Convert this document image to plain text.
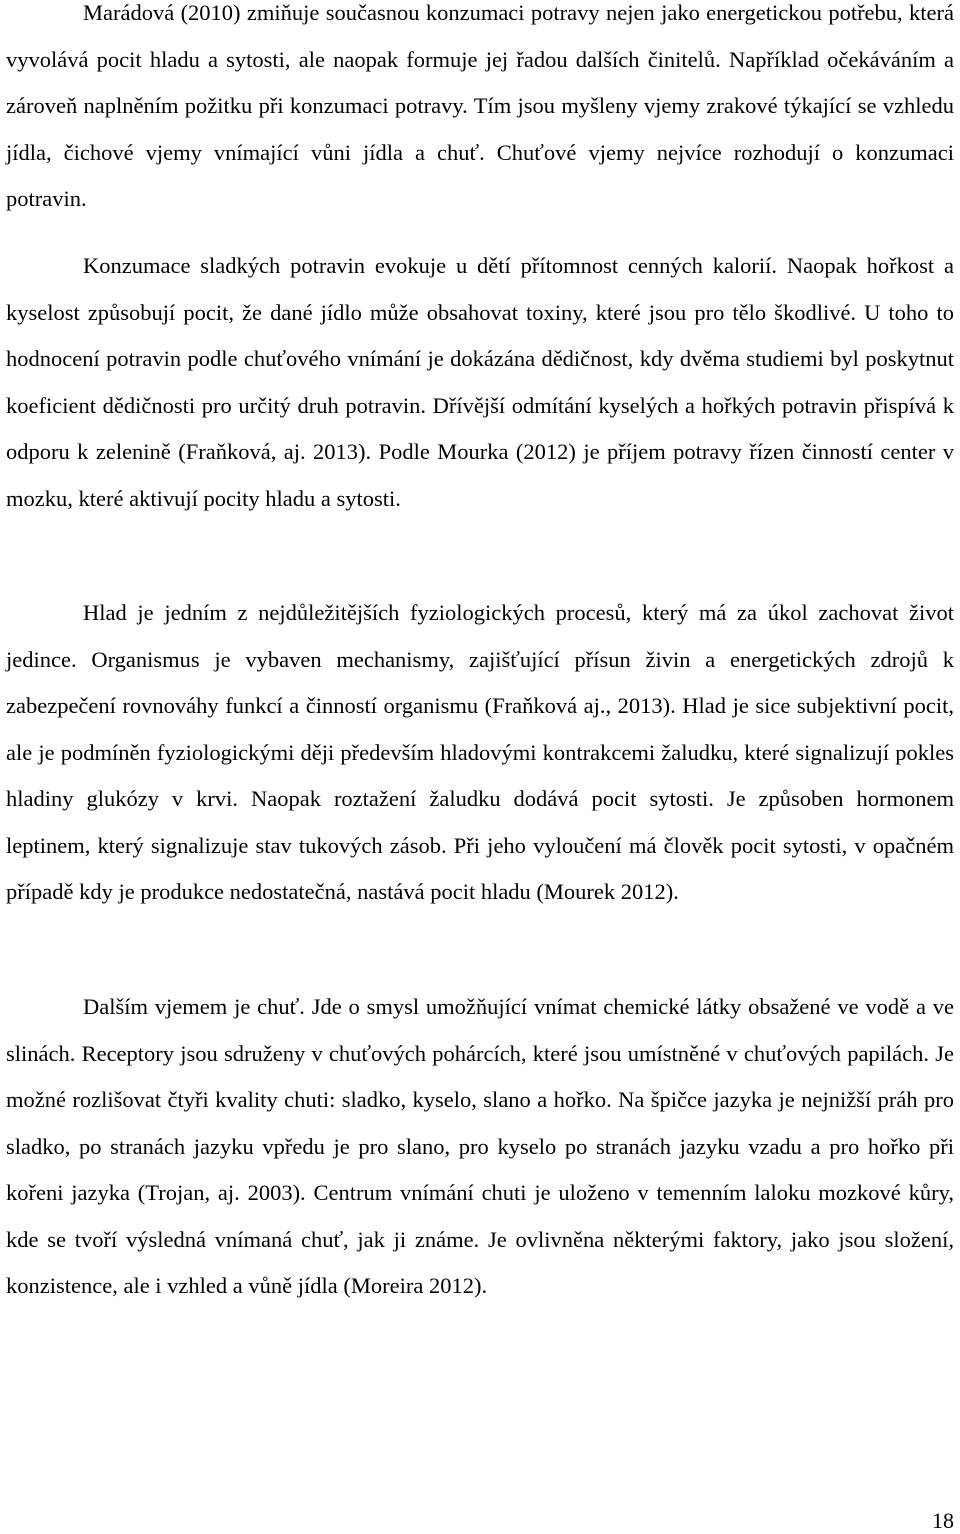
Marádová (2010) zmiňuje současnou konzumaci potravy nejen jako energetickou potřebu, která vyvolává pocit hladu a sytosti, ale naopak formuje jej řadou dalších činitelů. Například očekáváním a zároveň naplněním požitku při konzumaci potravy. Tím jsou myšleny vjemy zrakové týkající se vzhledu jídla, čichové vjemy vnímající vůni jídla a chuť. Chuťové vjemy nejvíce rozhodují o konzumaci potravin.

Konzumace sladkých potravin evokuje u dětí přítomnost cenných kalorií. Naopak hořkost a kyselost způsobují pocit, že dané jídlo může obsahovat toxiny, které jsou pro tělo škodlivé. U toho to hodnocení potravin podle chuťového vnímání je dokázána dědičnost, kdy dvěma studiemi byl poskytnut koeficient dědičnosti pro určitý druh potravin. Dřívější odmítání kyselých a hořkých potravin přispívá k odporu k zelenině (Fraňková, aj. 2013). Podle Mourka (2012) je příjem potravy řízen činností center v mozku, které aktivují pocity hladu a sytosti.

Hlad je jedním z nejdůležitějších fyziologických procesů, který má za úkol zachovat život jedince. Organismus je vybaven mechanismy, zajišťující přísun živin a energetických zdrojů k zabezpečení rovnováhy funkcí a činností organismu (Fraňková aj., 2013). Hlad je sice subjektivní pocit, ale je podmíněn fyziologickými ději především hladovými kontrakcemi žaludku, které signalizují pokles hladiny glukózy v krvi. Naopak roztažení žaludku dodává pocit sytosti. Je způsoben hormonem leptinem, který signalizuje stav tukových zásob. Při jeho vyloučení má člověk pocit sytosti, v opačném případě kdy je produkce nedostatečná, nastává pocit hladu (Mourek 2012).

Dalším vjemem je chuť. Jde o smysl umožňující vnímat chemické látky obsažené ve vodě a ve slinách. Receptory jsou sdruženy v chuťových pohárcích, které jsou umístněné v chuťových papilách. Je možné rozlišovat čtyři kvality chuti: sladko, kyselo, slano a hořko. Na špičce jazyka je nejnižší práh pro sladko, po stranách jazyku vpředu je pro slano, pro kyselo po stranách jazyku vzadu a pro hořko při kořeni jazyka (Trojan, aj. 2003). Centrum vnímání chuti je uloženo v temenním laloku mozkové kůry, kde se tvoří výsledná vnímaná chuť, jak ji známe. Je ovlivněna některými faktory, jako jsou složení, konzistence, ale i vzhled a vůně jídla (Moreira 2012).

18
